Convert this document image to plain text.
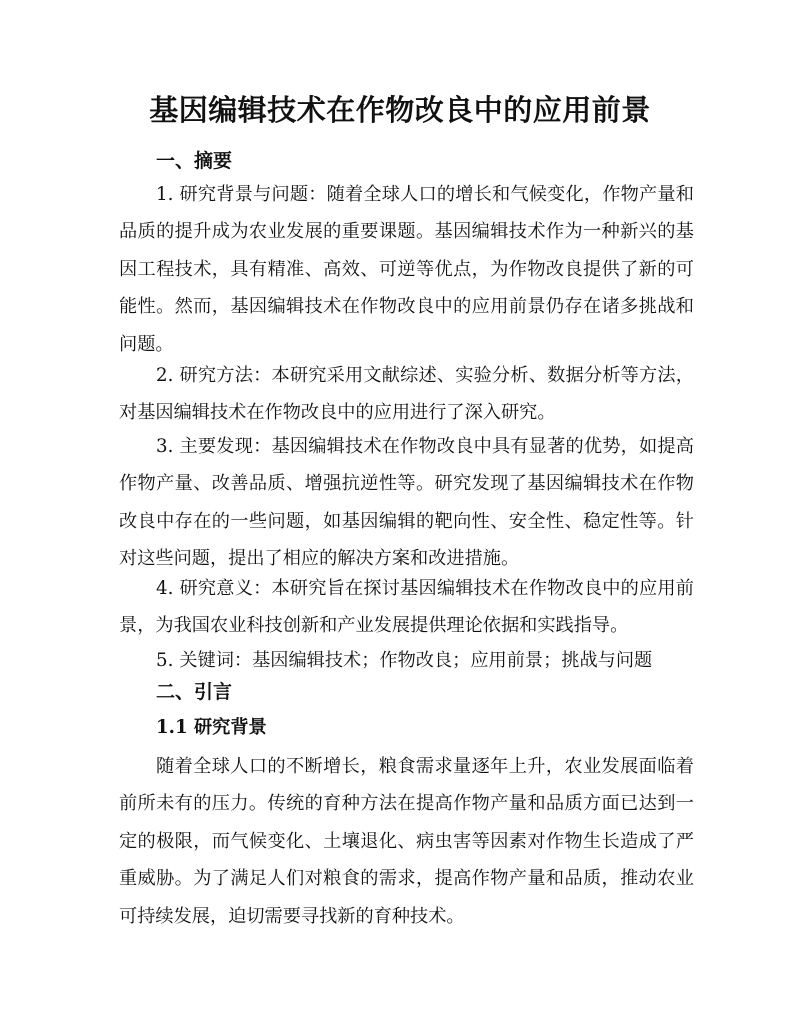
基因编辑技术在作物改良中的应用前景
一、摘要

1. 研究背景与问题：随着全球人口的增长和气候变化，作物产量和品质的提升成为农业发展的重要课题。基因编辑技术作为一种新兴的基因工程技术，具有精准、高效、可逆等优点，为作物改良提供了新的可能性。然而，基因编辑技术在作物改良中的应用前景仍存在诸多挑战和问题。

2. 研究方法：本研究采用文献综述、实验分析、数据分析等方法，对基因编辑技术在作物改良中的应用进行了深入研究。

3. 主要发现：基因编辑技术在作物改良中具有显著的优势，如提高作物产量、改善品质、增强抗逆性等。研究发现了基因编辑技术在作物改良中存在的一些问题，如基因编辑的靶向性、安全性、稳定性等。针对这些问题，提出了相应的解决方案和改进措施。

4. 研究意义：本研究旨在探讨基因编辑技术在作物改良中的应用前景，为我国农业科技创新和产业发展提供理论依据和实践指导。

5. 关键词：基因编辑技术；作物改良；应用前景；挑战与问题

二、引言
1.1 研究背景

随着全球人口的不断增长，粮食需求量逐年上升，农业发展面临着前所未有的压力。传统的育种方法在提高作物产量和品质方面已达到一定的极限，而气候变化、土壤退化、病虫害等因素对作物生长造成了严重威胁。为了满足人们对粮食的需求，提高作物产量和品质，推动农业可持续发展，迫切需要寻找新的育种技术。
